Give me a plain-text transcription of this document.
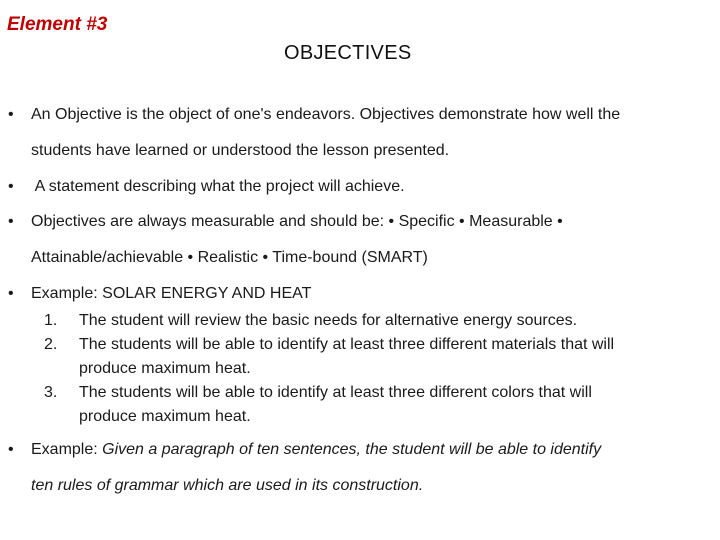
Element #3
OBJECTIVES
• An Objective is the object of one's endeavors. Objectives demonstrate how well the
students have learned or understood the lesson presented.
• A statement describing what the project will achieve.
• Objectives are always measurable and should be: • Specific • Measurable •
Attainable/achievable • Realistic • Time-bound (SMART)
• Example: SOLAR ENERGY AND HEAT
1. The student will review the basic needs for alternative energy sources.
2. The students will be able to identify at least three different materials that will
produce maximum heat.
3. The students will be able to identify at least three different colors that will
produce maximum heat.
• Example: Given a paragraph of ten sentences, the student will be able to identify
ten rules of grammar which are used in its construction.
